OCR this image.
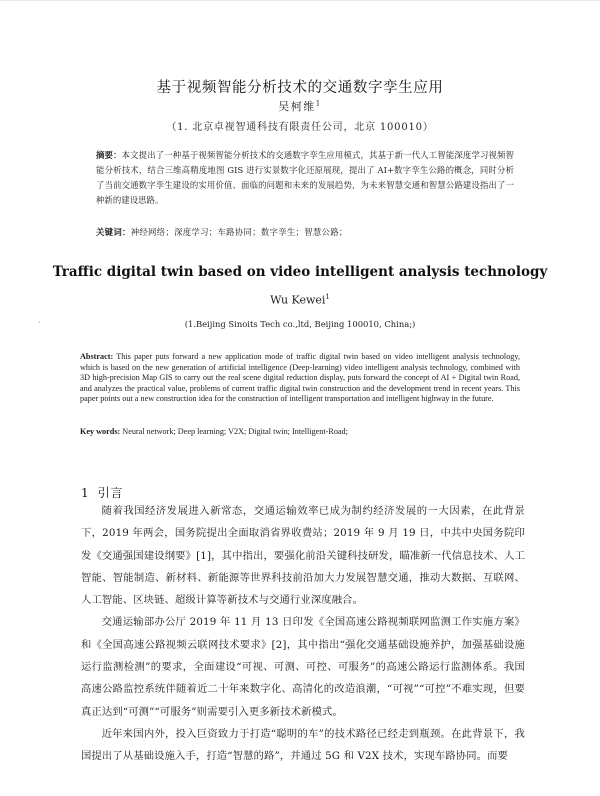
·
基于视频智能分析技术的交通数字孪生应用
吴柯维$^1$
（1. 北京卓视智通科技有限责任公司，北京 100010）
摘要：本文提出了一种基于视频智能分析技术的交通数字孪生应用模式，其基于新一代人工智能深度学习视频智能分析技术，结合三维高精度地图 GIS 进行实景数字化还原展现，提出了 AI+数字孪生公路的概念，同时分析了当前交通数字孪生建设的实用价值、面临的问题和未来的发展趋势，为未来智慧交通和智慧公路建设指出了一种新的建设思路。
关键词：神经网络；深度学习；车路协同；数字孪生；智慧公路；
Traffic digital twin based on video intelligent analysis technology
Wu Kewei$^1$
(1.Beijing Sinoits Tech co.,ltd, Beijing 100010, China;)
Abstract: This paper puts forward a new application mode of traffic digital twin based on video intelligent analysis technology, which is based on the new generation of artificial intelligence (Deep-learning) video intelligent analysis technology, combined with 3D high-precision Map GIS to carry out the real scene digital reduction display, puts forward the concept of AI + Digital twin Road, and analyzes the practical value, problems of current traffic digital twin construction and the development trend in recent years. This paper points out a new construction idea for the construction of intelligent transportation and intelligent highway in the future.
Key words: Neural network; Deep learning; V2X; Digital twin; Intelligent-Road;
1 引言

随着我国经济发展进入新常态，交通运输效率已成为制约经济发展的一大因素，在此背景下，2019 年两会，国务院提出全面取消省界收费站；2019 年 9 月 19 日，中共中央国务院印发《交通强国建设纲要》[1]，其中指出，要强化前沿关键科技研发，瞄准新一代信息技术、人工智能、智能制造、新材料、新能源等世界科技前沿加大力发展智慧交通，推动大数据、互联网、人工智能、区块链、超级计算等新技术与交通行业深度融合。

交通运输部办公厅 2019 年 11 月 13 日印发《全国高速公路视频联网监测工作实施方案》和《全国高速公路视频云联网技术要求》[2]，其中指出“强化交通基础设施养护，加强基础设施运行监测检测”的要求，全面建设“可视、可测、可控、可服务”的高速公路运行监测体系。我国高速公路监控系统伴随着近二十年来数字化、高清化的改造浪潮，“可视”“可控”不难实现，但要真正达到“可测”“可服务”则需要引入更多新技术新模式。

近年来国内外，投入巨资致力于打造“聪明的车”的技术路径已经走到瓶颈。在此背景下，我国提出了从基础设施入手，打造“智慧的路”，并通过 5G 和 V2X 技术，实现车路协同。而要
